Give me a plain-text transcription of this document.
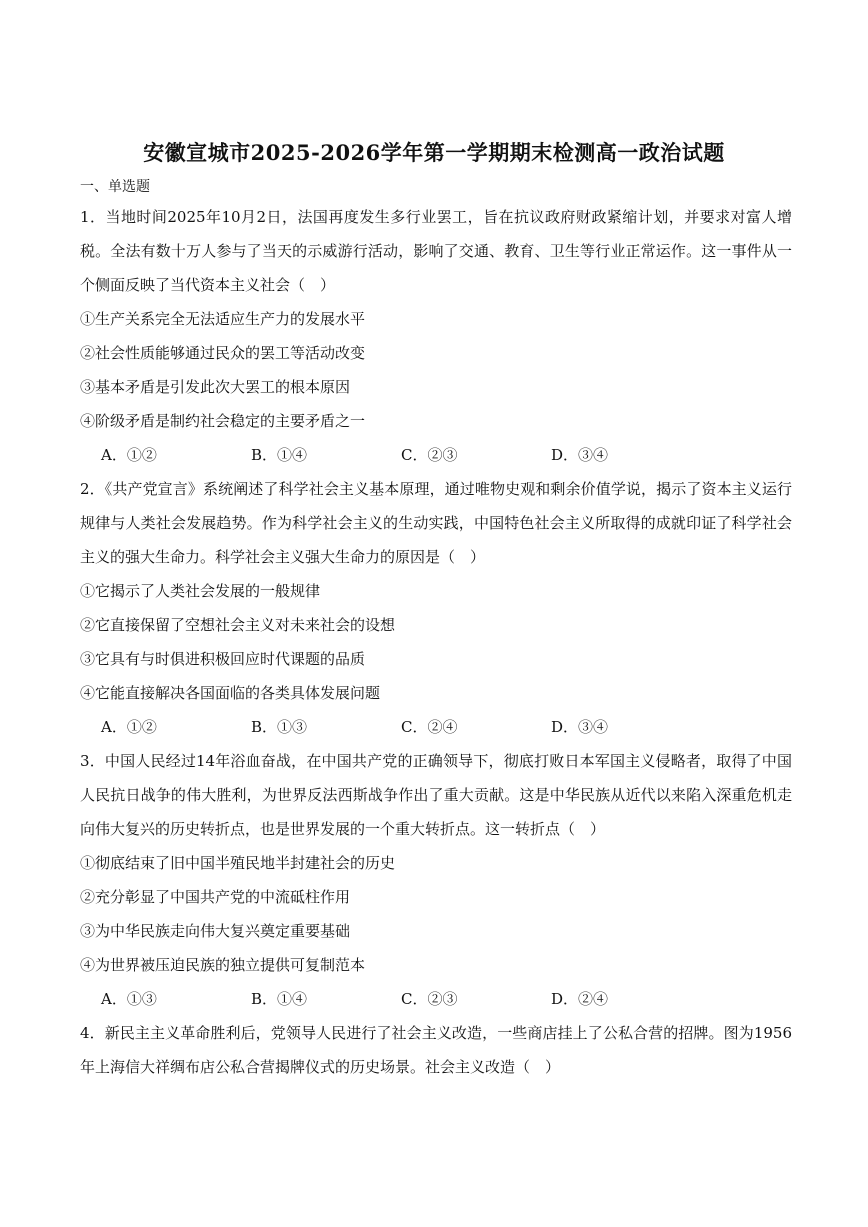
安徽宣城市2025-2026学年第一学期期末检测高一政治试题
一、单选题

1．当地时间2025年10月2日，法国再度发生多行业罢工，旨在抗议政府财政紧缩计划，并要求对富人增税。全法有数十万人参与了当天的示威游行活动，影响了交通、教育、卫生等行业正常运作。这一事件从一个侧面反映了当代资本主义社会（　）

①生产关系完全无法适应生产力的发展水平

②社会性质能够通过民众的罢工等活动改变

③基本矛盾是引发此次大罢工的根本原因

④阶级矛盾是制约社会稳定的主要矛盾之一

A．①②	B．①④	C．②③	D．③④

2．《共产党宣言》系统阐述了科学社会主义基本原理，通过唯物史观和剩余价值学说，揭示了资本主义运行规律与人类社会发展趋势。作为科学社会主义的生动实践，中国特色社会主义所取得的成就印证了科学社会主义的强大生命力。科学社会主义强大生命力的原因是（　）

①它揭示了人类社会发展的一般规律

②它直接保留了空想社会主义对未来社会的设想

③它具有与时俱进积极回应时代课题的品质

④它能直接解决各国面临的各类具体发展问题

A．①②	B．①③	C．②④	D．③④

3．中国人民经过14年浴血奋战，在中国共产党的正确领导下，彻底打败日本军国主义侵略者，取得了中国人民抗日战争的伟大胜利，为世界反法西斯战争作出了重大贡献。这是中华民族从近代以来陷入深重危机走向伟大复兴的历史转折点，也是世界发展的一个重大转折点。这一转折点（　）

①彻底结束了旧中国半殖民地半封建社会的历史

②充分彰显了中国共产党的中流砥柱作用

③为中华民族走向伟大复兴奠定重要基础

④为世界被压迫民族的独立提供可复制范本

A．①③	B．①④	C．②③	D．②④

4．新民主主义革命胜利后，党领导人民进行了社会主义改造，一些商店挂上了公私合营的招牌。图为1956年上海信大祥绸布店公私合营揭牌仪式的历史场景。社会主义改造（　）
